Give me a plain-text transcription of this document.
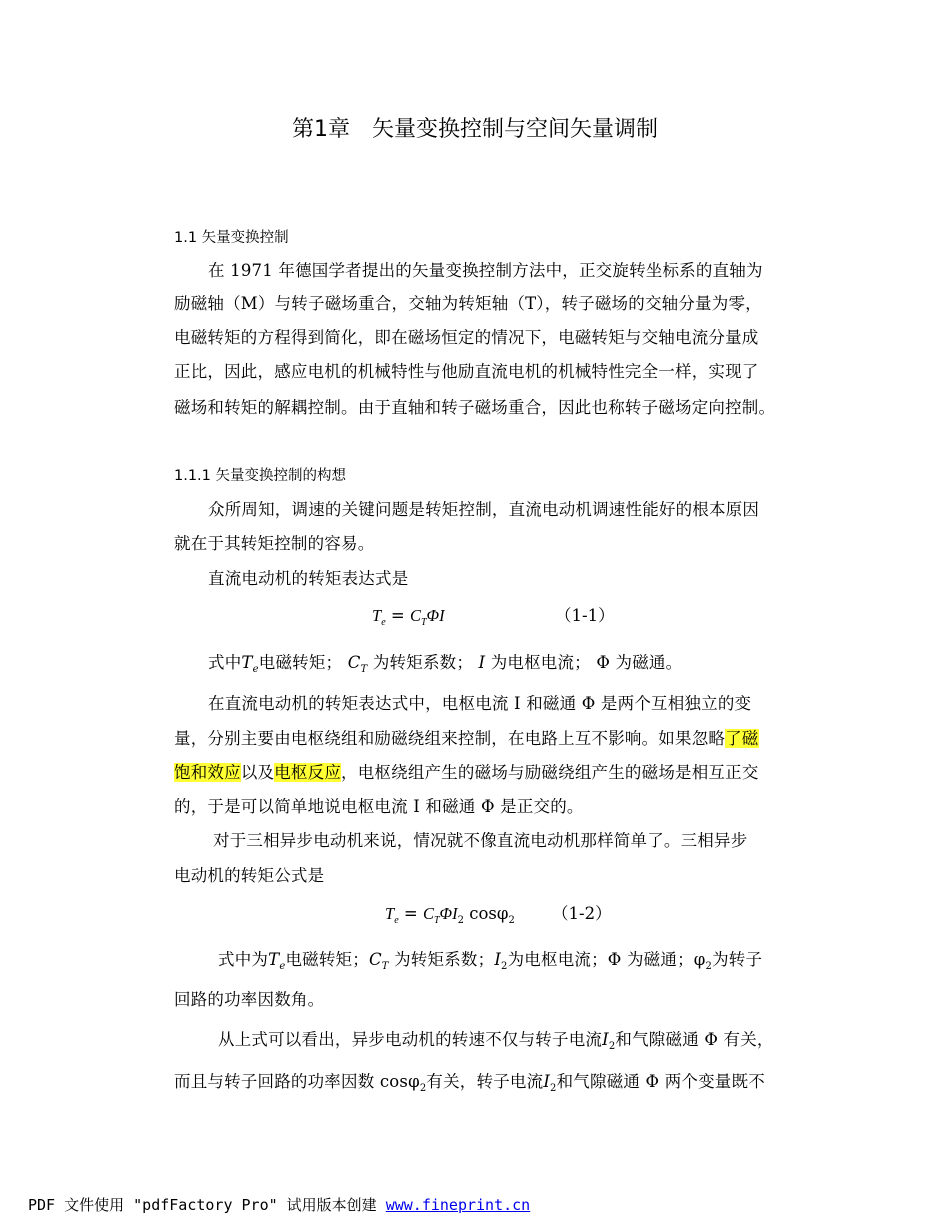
第1章 矢量变换控制与空间矢量调制
1.1 矢量变换控制
在 1971 年德国学者提出的矢量变换控制方法中，正交旋转坐标系的直轴为
励磁轴（M）与转子磁场重合，交轴为转矩轴（T），转子磁场的交轴分量为零，
电磁转矩的方程得到简化，即在磁场恒定的情况下，电磁转矩与交轴电流分量成
正比，因此，感应电机的机械特性与他励直流电机的机械特性完全一样，实现了
磁场和转矩的解耦控制。由于直轴和转子磁场重合，因此也称转子磁场定向控制。
1.1.1 矢量变换控制的构想
众所周知，调速的关键问题是转矩控制，直流电动机调速性能好的根本原因
就在于其转矩控制的容易。
直流电动机的转矩表达式是
$T_e = C_T\Phi I$	（1-1）
式中$T_e$电磁转矩； $C_T$ 为转矩系数； I 为电枢电流； Φ 为磁通。
在直流电动机的转矩表达式中，电枢电流 I 和磁通 Φ 是两个互相独立的变
量，分别主要由电枢绕组和励磁绕组来控制，在电路上互不影响。如果忽略了磁
饱和效应以及电枢反应，电枢绕组产生的磁场与励磁绕组产生的磁场是相互正交
的，于是可以简单地说电枢电流 I 和磁通 Φ 是正交的。
对于三相异步电动机来说，情况就不像直流电动机那样简单了。三相异步
电动机的转矩公式是
$T_e = C_T\Phi I_2$ cosφ$_2$ （1-2）
式中为$T_e$电磁转矩；$C_T$ 为转矩系数；$I_2$为电枢电流；Φ 为磁通；$\varphi_2$为转子
回路的功率因数角。
从上式可以看出，异步电动机的转速不仅与转子电流$I_2$和气隙磁通 Φ 有关，
而且与转子回路的功率因数 cosφ$_2$有关，转子电流$I_2$和气隙磁通 Φ 两个变量既不
PDF 文件使用 "pdfFactory Pro" 试用版本创建 www.fineprint.cn
